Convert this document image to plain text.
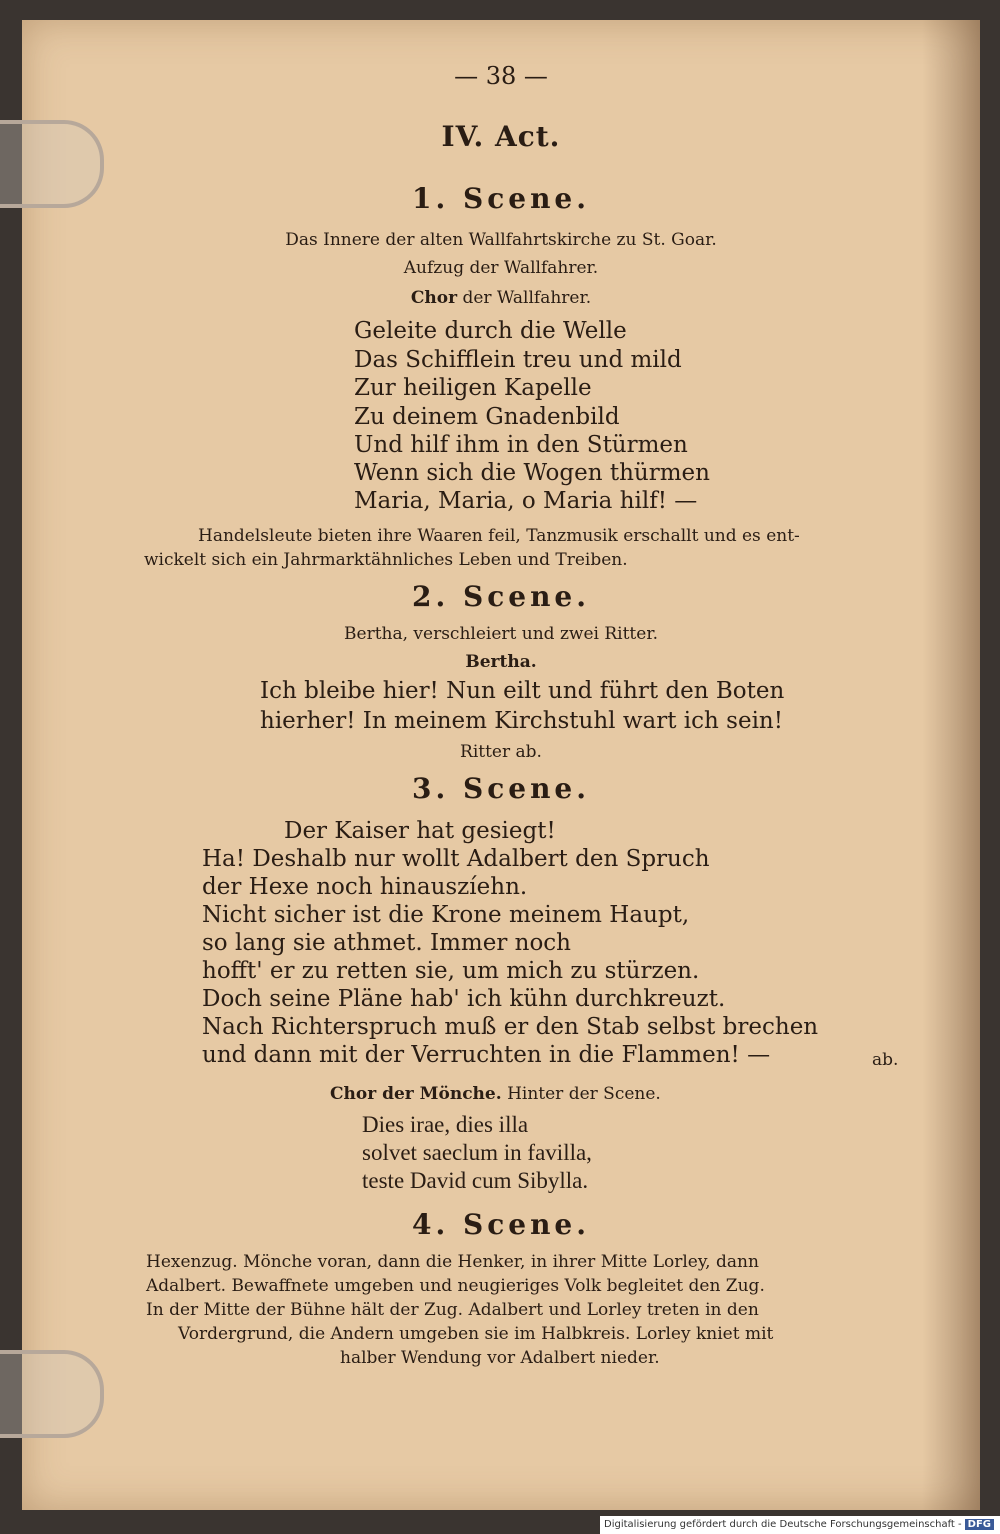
— 38 —
IV. Act.
1. Scene.
Das Innere der alten Wallfahrtskirche zu St. Goar.
Aufzug der Wallfahrer.
Chor der Wallfahrer.
Geleite durch die Welle
Das Schifflein treu und mild
Zur heiligen Kapelle
Zu deinem Gnadenbild
Und hilf ihm in den Stürmen
Wenn sich die Wogen thürmen
Maria, Maria, o Maria hilf! —
Handelsleute bieten ihre Waaren feil, Tanzmusik erschallt und es ent-
wickelt sich ein Jahrmarktähnliches Leben und Treiben.
2. Scene.
Bertha, verschleiert und zwei Ritter.
Bertha.
Ich bleibe hier! Nun eilt und führt den Boten
hierher! In meinem Kirchstuhl wart ich sein!
Ritter ab.
3. Scene.
Der Kaiser hat gesiegt!
Ha! Deshalb nur wollt Adalbert den Spruch
der Hexe noch hinauszíehn.
Nicht sicher ist die Krone meinem Haupt,
so lang sie athmet. Immer noch
hofft' er zu retten sie, um mich zu stürzen.
Doch seine Pläne hab' ich kühn durchkreuzt.
Nach Richterspruch muß er den Stab selbst brechen
und dann mit der Verruchten in die Flammen! —	ab.
Chor der Mönche. Hinter der Scene.
Dies irae, dies illa
solvet saeclum in favilla,
teste David cum Sibylla.
4. Scene.
Hexenzug. Mönche voran, dann die Henker, in ihrer Mitte Lorley, dann
Adalbert. Bewaffnete umgeben und neugieriges Volk begleitet den Zug.
In der Mitte der Bühne hält der Zug. Adalbert und Lorley treten in den
Vordergrund, die Andern umgeben sie im Halbkreis. Lorley kniet mit
halber Wendung vor Adalbert nieder.
Digitalisierung gefördert durch die Deutsche Forschungsgemeinschaft - DFG
